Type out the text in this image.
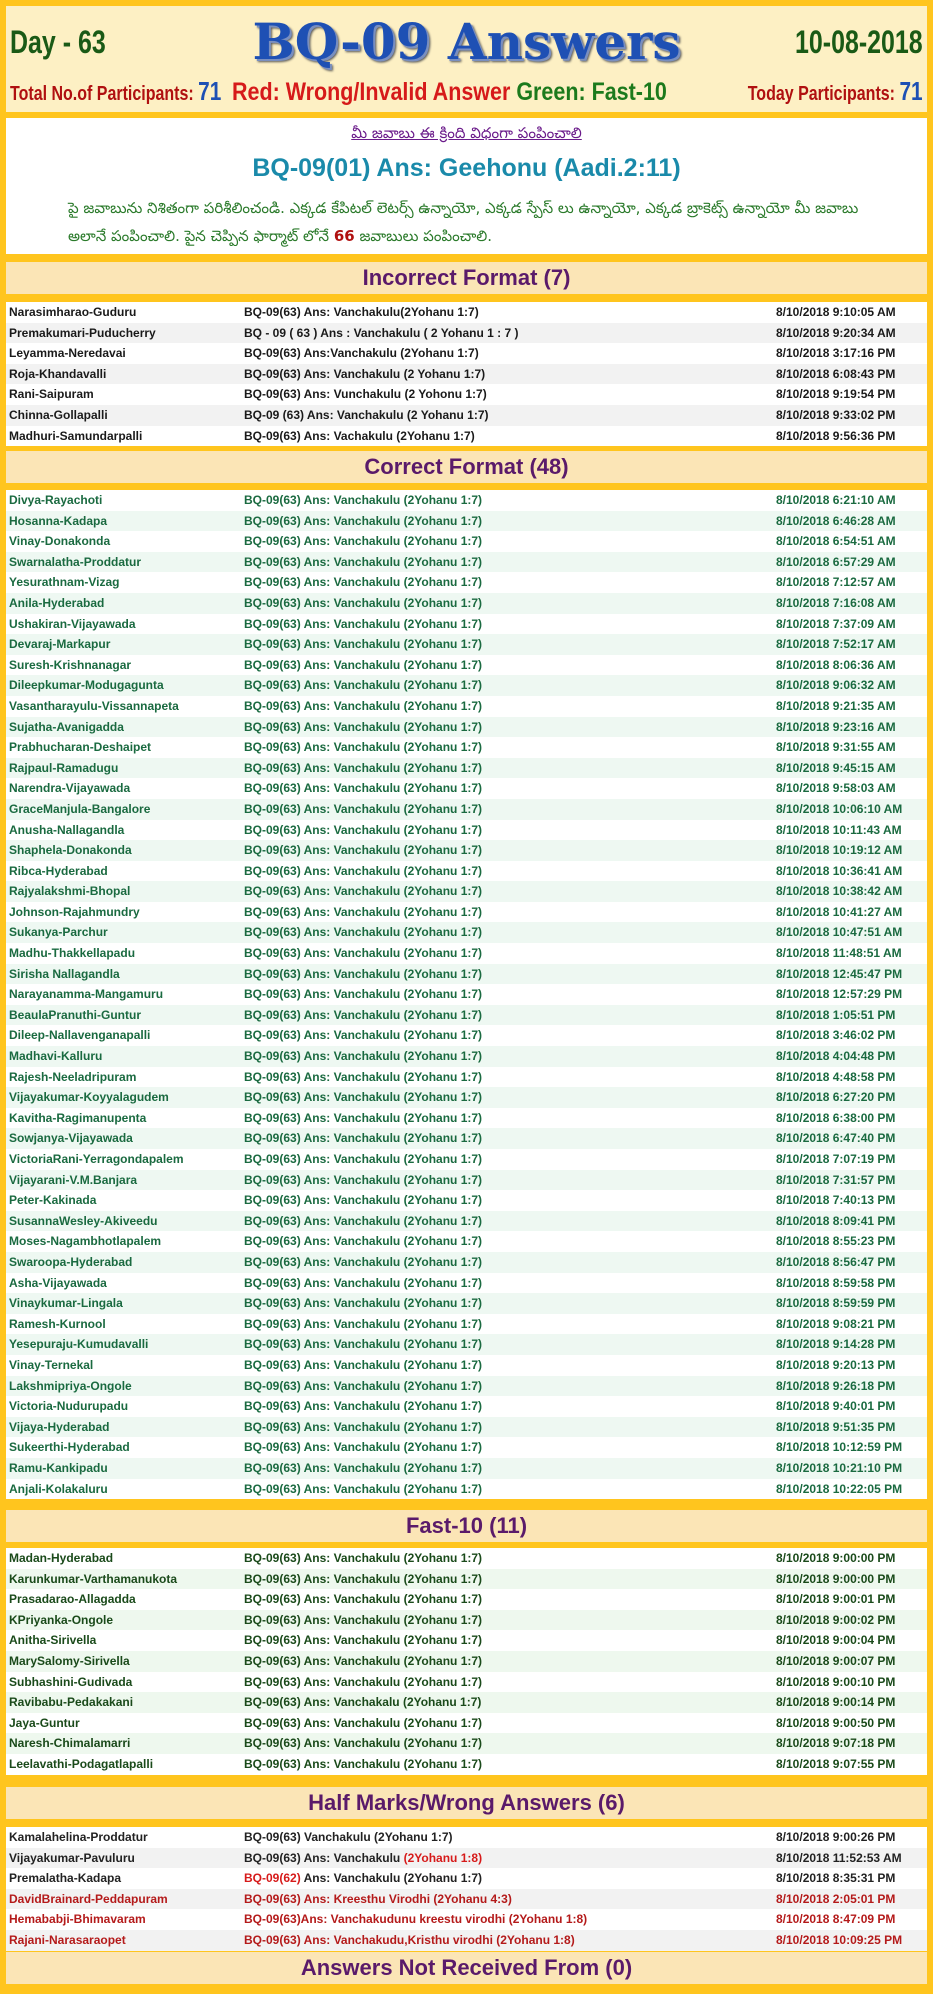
Day - 63	BQ-09 Answers	10-08-2018
Total No.of Participants: 71 Red: Wrong/Invalid Answer Green: Fast-10	Today Participants: 71
మీ జవాబు ఈ క్రింది విధంగా పంపించాలి
BQ-09(01) Ans: Geehonu (Aadi.2:11)
పై జవాబును నిశితంగా పరిశీలించండి. ఎక్కడ కేపిటల్ లెటర్స్ ఉన్నాయో, ఎక్కడ స్పేస్ లు ఉన్నాయో, ఎక్కడ బ్రాకెట్స్ ఉన్నాయో మీ జవాబు అలానే పంపించాలి. పైన చెప్పిన ఫార్మాట్ లోనే 66 జవాబులు పంపించాలి.
Incorrect Format (7)
Narasimharao-Guduru	BQ-09(63) Ans: Vanchakulu(2Yohanu 1:7)	8/10/2018 9:10:05 AM
Premakumari-Puducherry	BQ - 09 ( 63 ) Ans : Vanchakulu ( 2 Yohanu 1 : 7 )	8/10/2018 9:20:34 AM
Leyamma-Neredavai	BQ-09(63) Ans:Vanchakulu (2Yohanu 1:7)	8/10/2018 3:17:16 PM
Roja-Khandavalli	BQ-09(63) Ans: Vanchakulu (2 Yohanu 1:7)	8/10/2018 6:08:43 PM
Rani-Saipuram	BQ-09(63) Ans: Vunchakulu (2 Yohonu 1:7)	8/10/2018 9:19:54 PM
Chinna-Gollapalli	BQ-09 (63) Ans: Vanchakulu (2 Yohanu 1:7)	8/10/2018 9:33:02 PM
Madhuri-Samundarpalli	BQ-09(63) Ans: Vachakulu (2Yohanu 1:7)	8/10/2018 9:56:36 PM
Correct Format (48)
Divya-Rayachoti	BQ-09(63) Ans: Vanchakulu (2Yohanu 1:7)	8/10/2018 6:21:10 AM
Hosanna-Kadapa	BQ-09(63) Ans: Vanchakulu (2Yohanu 1:7)	8/10/2018 6:46:28 AM
Vinay-Donakonda	BQ-09(63) Ans: Vanchakulu (2Yohanu 1:7)	8/10/2018 6:54:51 AM
Swarnalatha-Proddatur	BQ-09(63) Ans: Vanchakulu (2Yohanu 1:7)	8/10/2018 6:57:29 AM
Yesurathnam-Vizag	BQ-09(63) Ans: Vanchakulu (2Yohanu 1:7)	8/10/2018 7:12:57 AM
Anila-Hyderabad	BQ-09(63) Ans: Vanchakulu (2Yohanu 1:7)	8/10/2018 7:16:08 AM
Ushakiran-Vijayawada	BQ-09(63) Ans: Vanchakulu (2Yohanu 1:7)	8/10/2018 7:37:09 AM
Devaraj-Markapur	BQ-09(63) Ans: Vanchakulu (2Yohanu 1:7)	8/10/2018 7:52:17 AM
Suresh-Krishnanagar	BQ-09(63) Ans: Vanchakulu (2Yohanu 1:7)	8/10/2018 8:06:36 AM
Dileepkumar-Modugagunta	BQ-09(63) Ans: Vanchakulu (2Yohanu 1:7)	8/10/2018 9:06:32 AM
Vasantharayulu-Vissannapeta	BQ-09(63) Ans: Vanchakulu (2Yohanu 1:7)	8/10/2018 9:21:35 AM
Sujatha-Avanigadda	BQ-09(63) Ans: Vanchakulu (2Yohanu 1:7)	8/10/2018 9:23:16 AM
Prabhucharan-Deshaipet	BQ-09(63) Ans: Vanchakulu (2Yohanu 1:7)	8/10/2018 9:31:55 AM
Rajpaul-Ramadugu	BQ-09(63) Ans: Vanchakulu (2Yohanu 1:7)	8/10/2018 9:45:15 AM
Narendra-Vijayawada	BQ-09(63) Ans: Vanchakulu (2Yohanu 1:7)	8/10/2018 9:58:03 AM
GraceManjula-Bangalore	BQ-09(63) Ans: Vanchakulu (2Yohanu 1:7)	8/10/2018 10:06:10 AM
Anusha-Nallagandla	BQ-09(63) Ans: Vanchakulu (2Yohanu 1:7)	8/10/2018 10:11:43 AM
Shaphela-Donakonda	BQ-09(63) Ans: Vanchakulu (2Yohanu 1:7)	8/10/2018 10:19:12 AM
Ribca-Hyderabad	BQ-09(63) Ans: Vanchakulu (2Yohanu 1:7)	8/10/2018 10:36:41 AM
Rajyalakshmi-Bhopal	BQ-09(63) Ans: Vanchakulu (2Yohanu 1:7)	8/10/2018 10:38:42 AM
Johnson-Rajahmundry	BQ-09(63) Ans: Vanchakulu (2Yohanu 1:7)	8/10/2018 10:41:27 AM
Sukanya-Parchur	BQ-09(63) Ans: Vanchakulu (2Yohanu 1:7)	8/10/2018 10:47:51 AM
Madhu-Thakkellapadu	BQ-09(63) Ans: Vanchakulu (2Yohanu 1:7)	8/10/2018 11:48:51 AM
Sirisha Nallagandla	BQ-09(63) Ans: Vanchakulu (2Yohanu 1:7)	8/10/2018 12:45:47 PM
Narayanamma-Mangamuru	BQ-09(63) Ans: Vanchakulu (2Yohanu 1:7)	8/10/2018 12:57:29 PM
BeaulaPranuthi-Guntur	BQ-09(63) Ans: Vanchakulu (2Yohanu 1:7)	8/10/2018 1:05:51 PM
Dileep-Nallavenganapalli	BQ-09(63) Ans: Vanchakulu (2Yohanu 1:7)	8/10/2018 3:46:02 PM
Madhavi-Kalluru	BQ-09(63) Ans: Vanchakulu (2Yohanu 1:7)	8/10/2018 4:04:48 PM
Rajesh-Neeladripuram	BQ-09(63) Ans: Vanchakulu (2Yohanu 1:7)	8/10/2018 4:48:58 PM
Vijayakumar-Koyyalagudem	BQ-09(63) Ans: Vanchakulu (2Yohanu 1:7)	8/10/2018 6:27:20 PM
Kavitha-Ragimanupenta	BQ-09(63) Ans: Vanchakulu (2Yohanu 1:7)	8/10/2018 6:38:00 PM
Sowjanya-Vijayawada	BQ-09(63) Ans: Vanchakulu (2Yohanu 1:7)	8/10/2018 6:47:40 PM
VictoriaRani-Yerragondapalem	BQ-09(63) Ans: Vanchakulu (2Yohanu 1:7)	8/10/2018 7:07:19 PM
Vijayarani-V.M.Banjara	BQ-09(63) Ans: Vanchakulu (2Yohanu 1:7)	8/10/2018 7:31:57 PM
Peter-Kakinada	BQ-09(63) Ans: Vanchakulu (2Yohanu 1:7)	8/10/2018 7:40:13 PM
SusannaWesley-Akiveedu	BQ-09(63) Ans: Vanchakulu (2Yohanu 1:7)	8/10/2018 8:09:41 PM
Moses-Nagambhotlapalem	BQ-09(63) Ans: Vanchakulu (2Yohanu 1:7)	8/10/2018 8:55:23 PM
Swaroopa-Hyderabad	BQ-09(63) Ans: Vanchakulu (2Yohanu 1:7)	8/10/2018 8:56:47 PM
Asha-Vijayawada	BQ-09(63) Ans: Vanchakulu (2Yohanu 1:7)	8/10/2018 8:59:58 PM
Vinaykumar-Lingala	BQ-09(63) Ans: Vanchakulu (2Yohanu 1:7)	8/10/2018 8:59:59 PM
Ramesh-Kurnool	BQ-09(63) Ans: Vanchakulu (2Yohanu 1:7)	8/10/2018 9:08:21 PM
Yesepuraju-Kumudavalli	BQ-09(63) Ans: Vanchakulu (2Yohanu 1:7)	8/10/2018 9:14:28 PM
Vinay-Ternekal	BQ-09(63) Ans: Vanchakulu (2Yohanu 1:7)	8/10/2018 9:20:13 PM
Lakshmipriya-Ongole	BQ-09(63) Ans: Vanchakulu (2Yohanu 1:7)	8/10/2018 9:26:18 PM
Victoria-Nudurupadu	BQ-09(63) Ans: Vanchakulu (2Yohanu 1:7)	8/10/2018 9:40:01 PM
Vijaya-Hyderabad	BQ-09(63) Ans: Vanchakulu (2Yohanu 1:7)	8/10/2018 9:51:35 PM
Sukeerthi-Hyderabad	BQ-09(63) Ans: Vanchakulu (2Yohanu 1:7)	8/10/2018 10:12:59 PM
Ramu-Kankipadu	BQ-09(63) Ans: Vanchakulu (2Yohanu 1:7)	8/10/2018 10:21:10 PM
Anjali-Kolakaluru	BQ-09(63) Ans: Vanchakulu (2Yohanu 1:7)	8/10/2018 10:22:05 PM
Fast-10 (11)
Madan-Hyderabad	BQ-09(63) Ans: Vanchakulu (2Yohanu 1:7)	8/10/2018 9:00:00 PM
Karunkumar-Varthamanukota	BQ-09(63) Ans: Vanchakulu (2Yohanu 1:7)	8/10/2018 9:00:00 PM
Prasadarao-Allagadda	BQ-09(63) Ans: Vanchakulu (2Yohanu 1:7)	8/10/2018 9:00:01 PM
KPriyanka-Ongole	BQ-09(63) Ans: Vanchakulu (2Yohanu 1:7)	8/10/2018 9:00:02 PM
Anitha-Sirivella	BQ-09(63) Ans: Vanchakulu (2Yohanu 1:7)	8/10/2018 9:00:04 PM
MarySalomy-Sirivella	BQ-09(63) Ans: Vanchakulu (2Yohanu 1:7)	8/10/2018 9:00:07 PM
Subhashini-Gudivada	BQ-09(63) Ans: Vanchakulu (2Yohanu 1:7)	8/10/2018 9:00:10 PM
Ravibabu-Pedakakani	BQ-09(63) Ans: Vanchakalu (2Yohanu 1:7)	8/10/2018 9:00:14 PM
Jaya-Guntur	BQ-09(63) Ans: Vanchakulu (2Yohanu 1:7)	8/10/2018 9:00:50 PM
Naresh-Chimalamarri	BQ-09(63) Ans: Vanchakulu (2Yohanu 1:7)	8/10/2018 9:07:18 PM
Leelavathi-Podagatlapalli	BQ-09(63) Ans: Vanchakulu (2Yohanu 1:7)	8/10/2018 9:07:55 PM
Half Marks/Wrong Answers (6)
Kamalahelina-Proddatur	BQ-09(63) Vanchakulu (2Yohanu 1:7)	8/10/2018 9:00:26 PM
Vijayakumar-Pavuluru	BQ-09(63) Ans: Vanchakulu (2Yohanu 1:8)	8/10/2018 11:52:53 AM
Premalatha-Kadapa	BQ-09(62) Ans: Vanchakulu (2Yohanu 1:7)	8/10/2018 8:35:31 PM
DavidBrainard-Peddapuram	BQ-09(63) Ans: Kreesthu Virodhi (2Yohanu 4:3)	8/10/2018 2:05:01 PM
Hemababji-Bhimavaram	BQ-09(63)Ans: Vanchakudunu kreestu virodhi (2Yohanu 1:8)	8/10/2018 8:47:09 PM
Rajani-Narasaraopet	BQ-09(63) Ans: Vanchakudu,Kristhu virodhi (2Yohanu 1:8)	8/10/2018 10:09:25 PM
Answers Not Received From (0)
